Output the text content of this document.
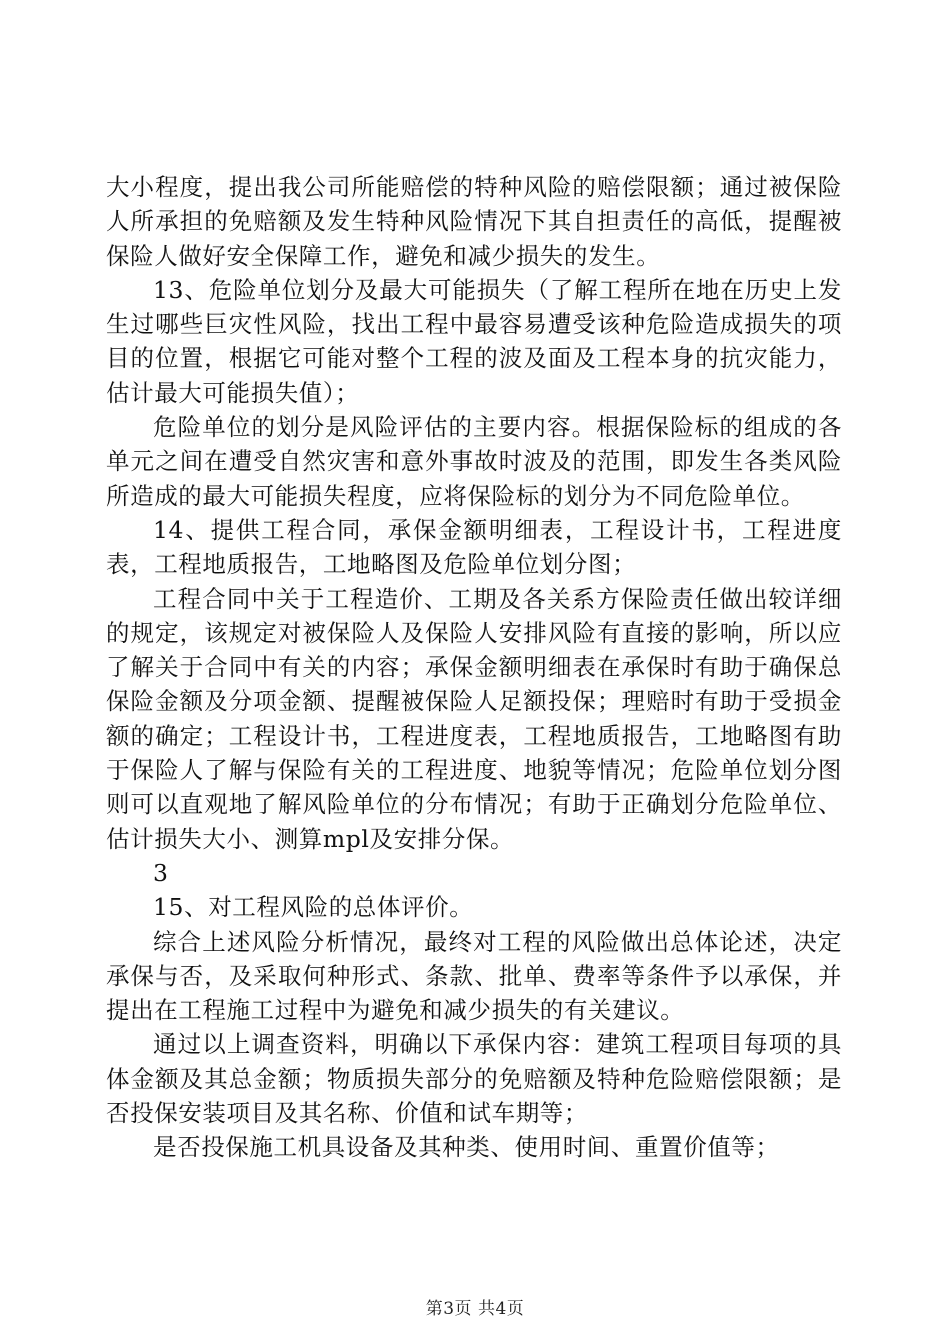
大小程度，提出我公司所能赔偿的特种风险的赔偿限额；通过被保险人所承担的免赔额及发生特种风险情况下其自担责任的高低，提醒被保险人做好安全保障工作，避免和减少损失的发生。

13、危险单位划分及最大可能损失（了解工程所在地在历史上发生过哪些巨灾性风险，找出工程中最容易遭受该种危险造成损失的项目的位置，根据它可能对整个工程的波及面及工程本身的抗灾能力，估计最大可能损失值）；

危险单位的划分是风险评估的主要内容。根据保险标的组成的各单元之间在遭受自然灾害和意外事故时波及的范围，即发生各类风险所造成的最大可能损失程度，应将保险标的划分为不同危险单位。

14、提供工程合同，承保金额明细表，工程设计书，工程进度表，工程地质报告，工地略图及危险单位划分图；

工程合同中关于工程造价、工期及各关系方保险责任做出较详细的规定，该规定对被保险人及保险人安排风险有直接的影响，所以应了解关于合同中有关的内容；承保金额明细表在承保时有助于确保总保险金额及分项金额、提醒被保险人足额投保；理赔时有助于受损金额的确定；工程设计书，工程进度表，工程地质报告，工地略图有助于保险人了解与保险有关的工程进度、地貌等情况；危险单位划分图则可以直观地了解风险单位的分布情况；有助于正确划分危险单位、估计损失大小、测算mpl及安排分保。

3

15、对工程风险的总体评价。

综合上述风险分析情况，最终对工程的风险做出总体论述，决定承保与否，及采取何种形式、条款、批单、费率等条件予以承保，并提出在工程施工过程中为避免和减少损失的有关建议。

通过以上调查资料，明确以下承保内容：建筑工程项目每项的具体金额及其总金额；物质损失部分的免赔额及特种危险赔偿限额；是否投保安装项目及其名称、价值和试车期等；

是否投保施工机具设备及其种类、使用时间、重置价值等；

第3页 共4页
